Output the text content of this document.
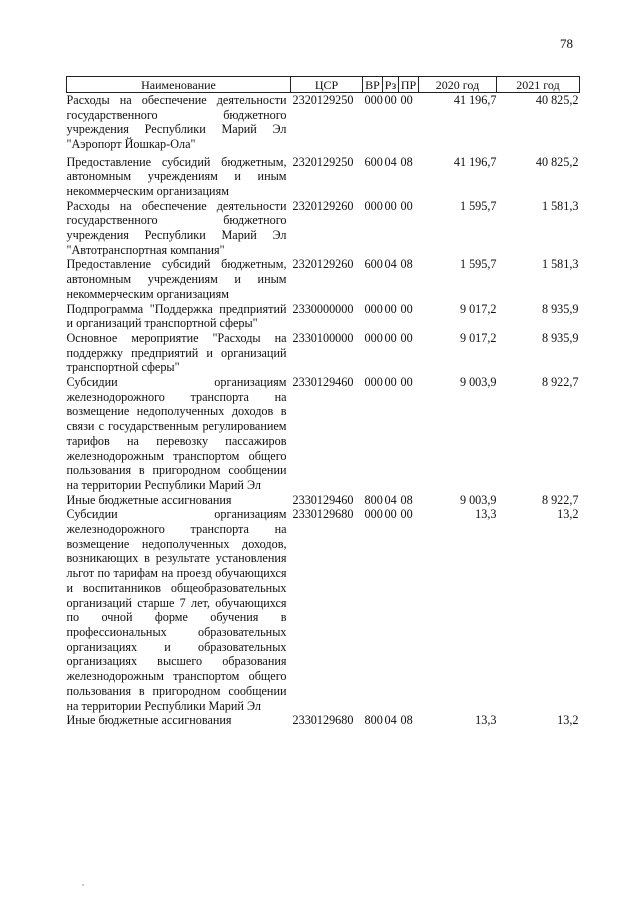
78
Наименование	ЦСР	ВР	Рз	ПР	2020 год	2021 год
Расходы на обеспечение деятельности государственного бюджетного учреждения Республики Марий Эл "Аэропорт Йошкар-Ола"	2320129250	000	00	00	41 196,7	40 825,2
Предоставление субсидий бюджетным, автономным учреждениям и иным некоммерческим организациям	2320129250	600	04	08	41 196,7	40 825,2
Расходы на обеспечение деятельности государственного бюджетного учреждения Республики Марий Эл "Автотранспортная компания"	2320129260	000	00	00	1 595,7	1 581,3
Предоставление субсидий бюджетным, автономным учреждениям и иным некоммерческим организациям	2320129260	600	04	08	1 595,7	1 581,3
Подпрограмма "Поддержка предприятий и организаций транспортной сферы"	2330000000	000	00	00	9 017,2	8 935,9
Основное мероприятие "Расходы на поддержку предприятий и организаций транспортной сферы"	2330100000	000	00	00	9 017,2	8 935,9
Субсидии организациям железнодорожного транспорта на возмещение недополученных доходов в связи с государственным регулированием тарифов на перевозку пассажиров железнодорожным транспортом общего пользования в пригородном сообщении на территории Республики Марий Эл	2330129460	000	00	00	9 003,9	8 922,7
Иные бюджетные ассигнования	2330129460	800	04	08	9 003,9	8 922,7
Субсидии организациям железнодорожного транспорта на возмещение недополученных доходов, возникающих в результате установления льгот по тарифам на проезд обучающихся и воспитанников общеобразовательных организаций старше 7 лет, обучающихся по очной форме обучения в профессиональных образовательных организациях и образовательных организациях высшего образования железнодорожным транспортом общего пользования в пригородном сообщении на территории Республики Марий Эл	2330129680	000	00	00	13,3	13,2
Иные бюджетные ассигнования	2330129680	800	04	08	13,3	13,2
